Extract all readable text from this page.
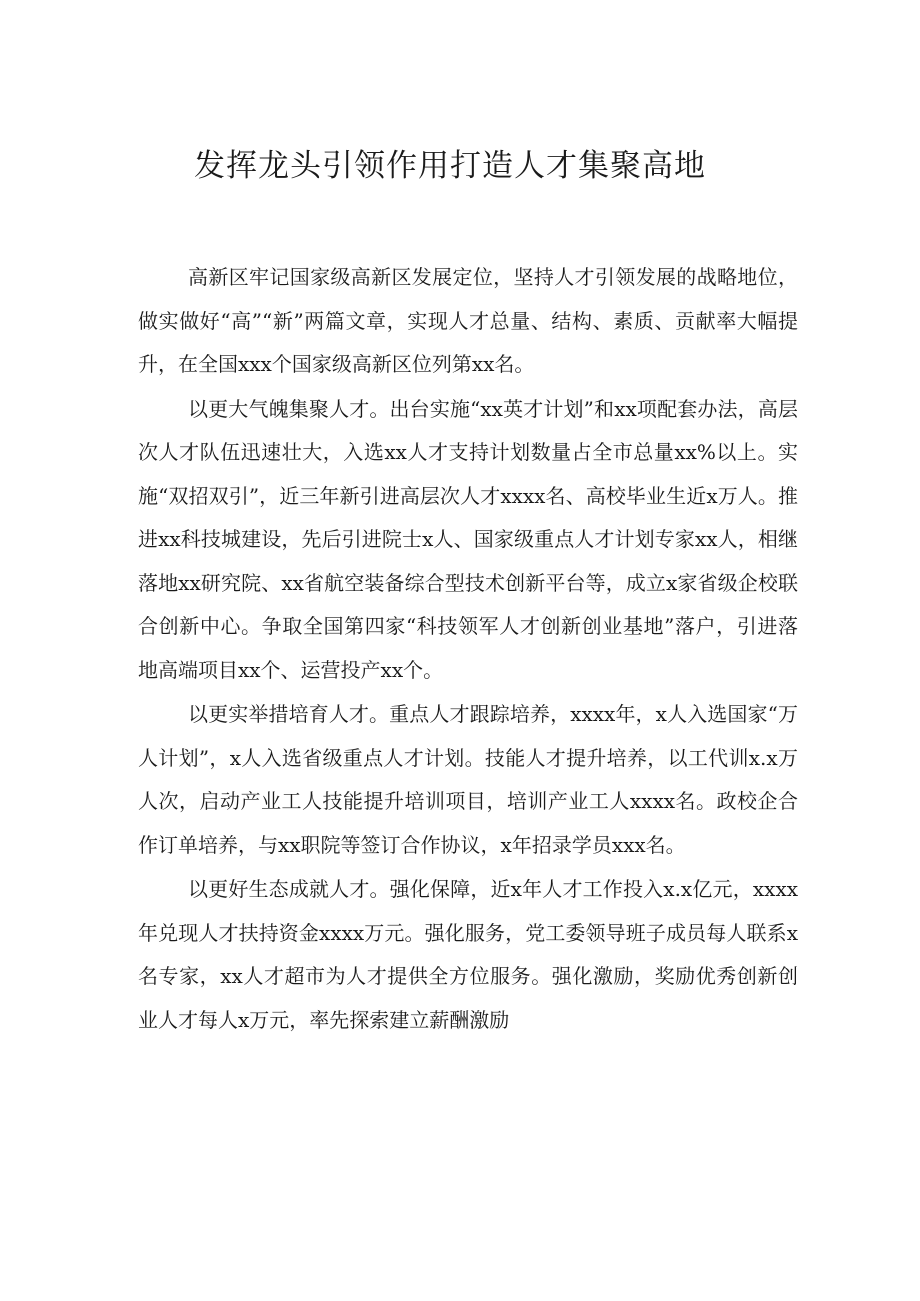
发挥龙头引领作用打造人才集聚高地

高新区牢记国家级高新区发展定位，坚持人才引领发展的战略地位，做实做好“高”“新”两篇文章，实现人才总量、结构、素质、贡献率大幅提升，在全国xxx个国家级高新区位列第xx名。

以更大气魄集聚人才。出台实施“xx英才计划”和xx项配套办法，高层次人才队伍迅速壮大，入选xx人才支持计划数量占全市总量xx%以上。实施“双招双引”，近三年新引进高层次人才xxxx名、高校毕业生近x万人。推进xx科技城建设，先后引进院士x人、国家级重点人才计划专家xx人，相继落地xx研究院、xx省航空装备综合型技术创新平台等，成立x家省级企校联合创新中心。争取全国第四家“科技领军人才创新创业基地”落户，引进落地高端项目xx个、运营投产xx个。

以更实举措培育人才。重点人才跟踪培养，xxxx年，x人入选国家“万人计划”，x人入选省级重点人才计划。技能人才提升培养，以工代训x.x万人次，启动产业工人技能提升培训项目，培训产业工人xxxx名。政校企合作订单培养，与xx职院等签订合作协议，x年招录学员xxx名。

以更好生态成就人才。强化保障，近x年人才工作投入x.x亿元，xxxx年兑现人才扶持资金xxxx万元。强化服务，党工委领导班子成员每人联系x名专家，xx人才超市为人才提供全方位服务。强化激励，奖励优秀创新创业人才每人x万元，率先探索建立薪酬激励
